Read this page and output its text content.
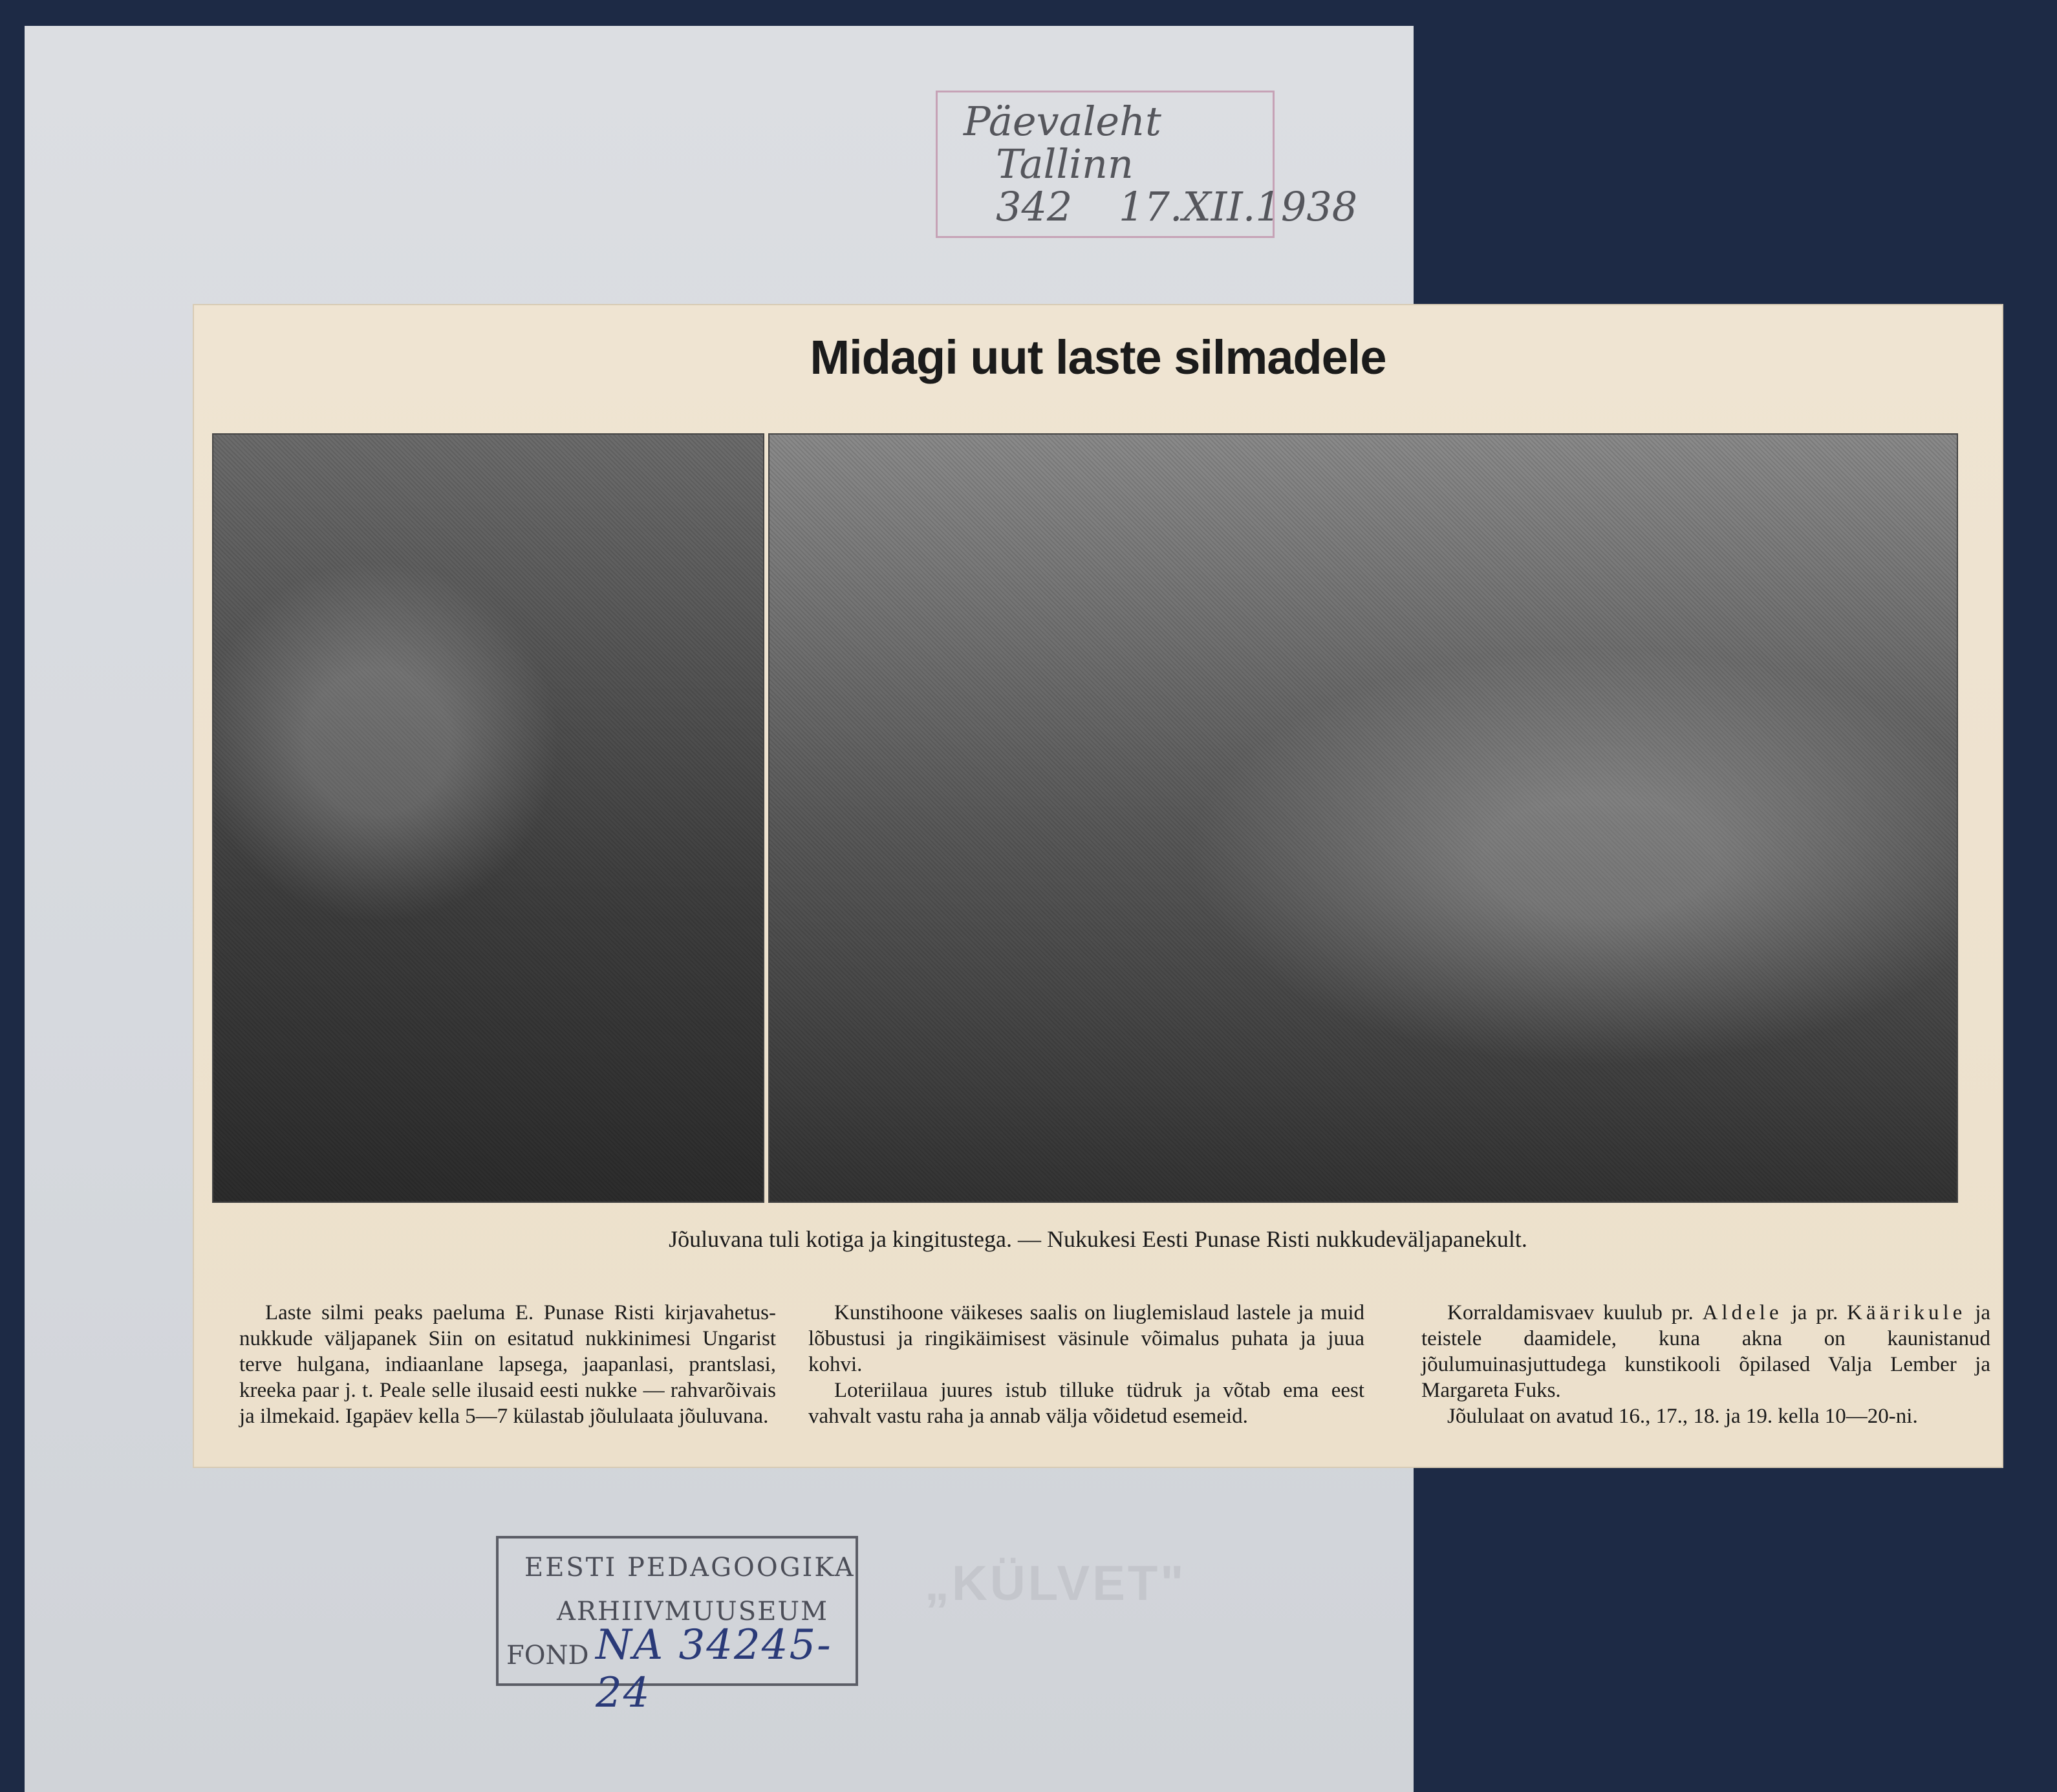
Päevaleht
Tallinn
342 17.XII.1938
Midagi uut laste silmadele
Jõuluvana tuli kotiga ja kingitustega. — Nukukesi Eesti Punase Risti nukkudeväljapanekult.

Laste silmi peaks paeluma E. Punase Risti kirjavahetus-nukkude väljapanek Siin on esitatud nukkinimesi Ungarist terve hulgana, indiaanlane lapsega, jaapanlasi, prantslasi, kreeka paar j. t. Peale selle ilusaid eesti nukke — rahvarõivais ja ilmekaid. Igapäev kella 5—7 külastab jõululaata jõuluvana.

Kunstihoone väikeses saalis on liuglemislaud lastele ja muid lõbustusi ja ringikäimisest väsinule võimalus puhata ja juua kohvi.

Loteriilaua juures istub tilluke tüdruk ja võtab ema eest vahvalt vastu raha ja annab välja võidetud esemeid.

Korraldamisvaev kuulub pr. Aldele ja pr. Käärikule ja teistele daamidele, kuna akna on kaunistanud jõulumuinasjuttudega kunstikooli õpilased Valja Lember ja Margareta Fuks.

Jõululaat on avatud 16., 17., 18. ja 19. kella 10—20-ni.

EESTI PEDAGOOGIKA
ARHIIVMUUSEUM
FOND NA 34245-24
„KÜLVET"
